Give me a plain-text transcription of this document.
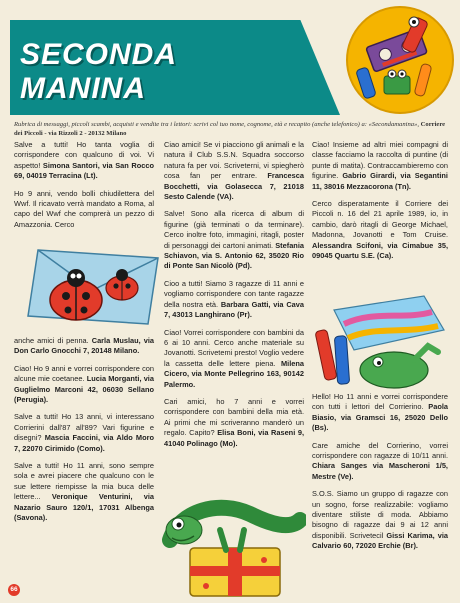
SECONDA
MANINA
Rubrica di messaggi, piccoli scambi, acquisti e vendite tra i lettori: scrivi col tuo nome, cognome, età e recapito (anche telefonico) a: «Secondamanina», Corriere dei Piccoli - via Rizzoli 2 - 20132 Milano

Salve a tutti! Ho tanta voglia di corrispondere con qualcuno di voi. Vi aspetto! Simona Santori, via San Rocco 69, 04019 Terracina (Lt).

Ho 9 anni, vendo bolli chiudilettera del Wwf. Il ricavato verrà mandato a Roma, al capo del Wwf che comprerà un pezzo di Amazzonia. Cerco

anche amici di penna. Carla Muslau, via Don Carlo Gnocchi 7, 20148 Milano.

Ciao! Ho 9 anni e vorrei corrispondere con alcune mie coetanee. Lucia Morganti, via Guglielmo Marconi 42, 06030 Sellano (Perugia).

Salve a tutti! Ho 13 anni, vi interessano Corrierini dall'87 all'89? Vari figurine e disegni? Mascia Faccini, via Aldo Moro 7, 22070 Cirimido (Como).

Salve a tutti! Ho 11 anni, sono sempre sola e avrei piacere che qualcuno con le sue lettere riempisse la mia buca delle lettere... Veronique Venturini, via Nazario Sauro 120/1, 17031 Albenga (Savona).

Ciao amici! Se vi piacciono gli animali e la natura il Club S.S.N. Squadra soccorso natura fa per voi. Scriveterni, vi spiegherò cosa fan per entrare. Francesca Bocchetti, via Golasecca 7, 21018 Sesto Calende (VA).

Salve! Sono alla ricerca di album di figurine (già terminati o da terminare). Cerco inoltre foto, immagini, ritagli, poster di personaggi dei cartoni animati. Stefania Schiavon, via S. Antonio 62, 35020 Rio di Ponte San Nicolò (Pd).

Cioo a tutti! Siamo 3 ragazze di 11 anni e vogliamo corrispondere con tante ragazze della nostra età. Barbara Gatti, via Cava 7, 43013 Langhirano (Pr).

Ciao! Vorrei corrispondere con bambini da 6 ai 10 anni. Cerco anche materiale su Jovanotti. Scrivetemi presto! Voglio vedere la cassetta delle lettere piena. Milena Cicero, via Monte Pellegrino 163, 90142 Palermo.

Cari amici, ho 7 anni e vorrei corrispondere con bambini della mia età. Ai primi che mi scriveranno manderò un regalo. Capito? Elisa Boni, via Raseni 9, 41040 Polinago (Mo).

Ciao! Insieme ad altri miei compagni di classe facciamo la raccolta di puntine (di punte di matita). Contraccambieremo con figurine. Gabrio Girardi, via Segantini 11, 38016 Mezzacorona (Tn).

Cerco disperatamente il Corriere dei Piccoli n. 16 del 21 aprile 1989, io, in cambio, darò ritagli di George Michael, Madonna, Jovanotti e Tom Cruise. Alessandra Scifoni, via Cimabue 35, 09045 Quartu S.E. (Ca).

Hello! Ho 11 anni e vorrei corrispondere con tutti i lettori del Corrierino. Paola Biasio, via Gramsci 16, 25020 Dello (Bs).

Care amiche del Corrierino, vorrei corrispondere con ragazze di 10/11 anni. Chiara Sanges via Mascheroni 1/5, Mestre (Ve).

S.O.S. Siamo un gruppo di ragazze con un sogno, forse realizzabile: vogliamo diventare stiliste di moda. Abbiamo bisogno di ragazze dai 9 ai 12 anni disponibili. Scrivetecil Gissi Karima, via Calvario 60, 72020 Erchie (Br).

66
